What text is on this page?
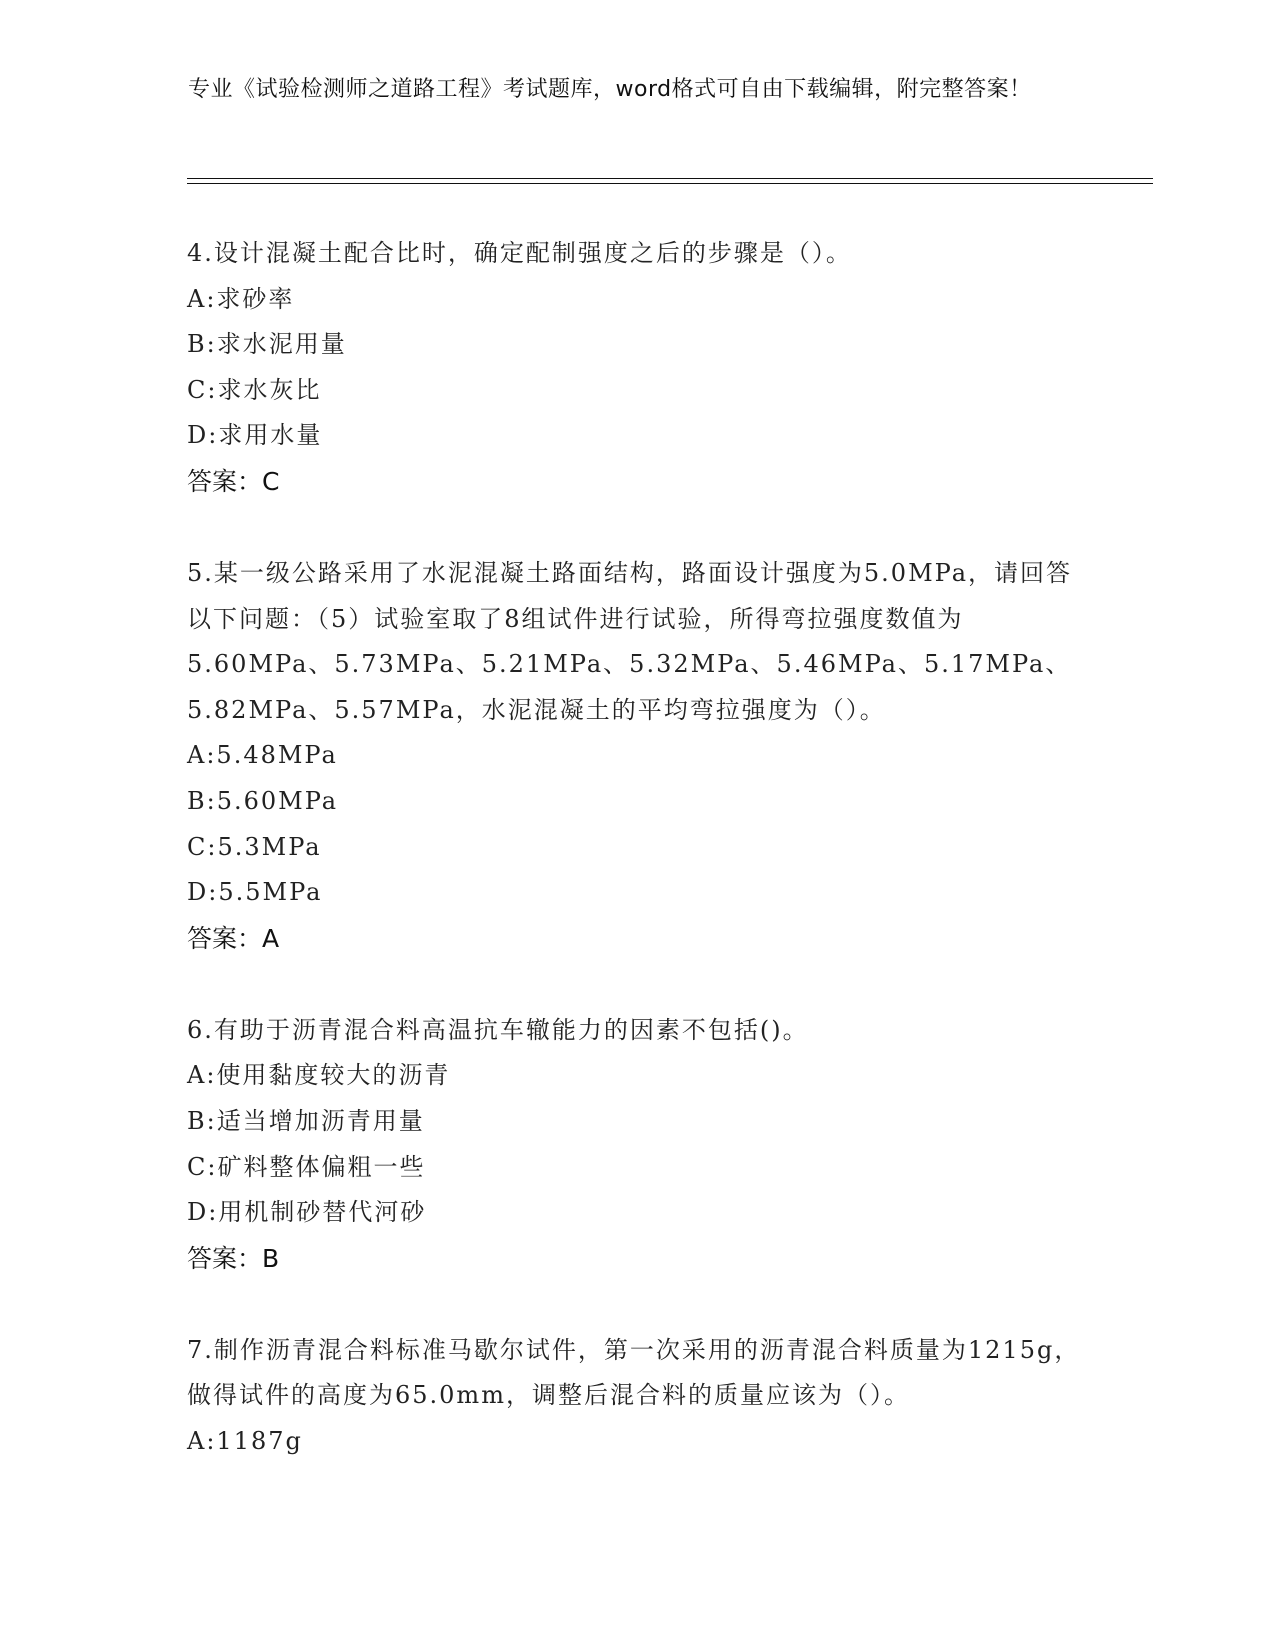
专业《试验检测师之道路工程》考试题库，word格式可自由下载编辑，附完整答案！
4.设计混凝土配合比时，确定配制强度之后的步骤是（）。
A:求砂率
B:求水泥用量
C:求水灰比
D:求用水量
答案：C
5.某一级公路采用了水泥混凝土路面结构，路面设计强度为5.0MPa，请回答以下问题：（5）试验室取了8组试件进行试验，所得弯拉强度数值为5.60MPa、5.73MPa、5.21MPa、5.32MPa、5.46MPa、5.17MPa、5.82MPa、5.57MPa，水泥混凝土的平均弯拉强度为（）。
A:5.48MPa
B:5.60MPa
C:5.3MPa
D:5.5MPa
答案：A
6.有助于沥青混合料高温抗车辙能力的因素不包括()。
A:使用黏度较大的沥青
B:适当增加沥青用量
C:矿料整体偏粗一些
D:用机制砂替代河砂
答案：B
7.制作沥青混合料标准马歇尔试件，第一次采用的沥青混合料质量为1215g，做得试件的高度为65.0mm，调整后混合料的质量应该为（）。
A:1187g
